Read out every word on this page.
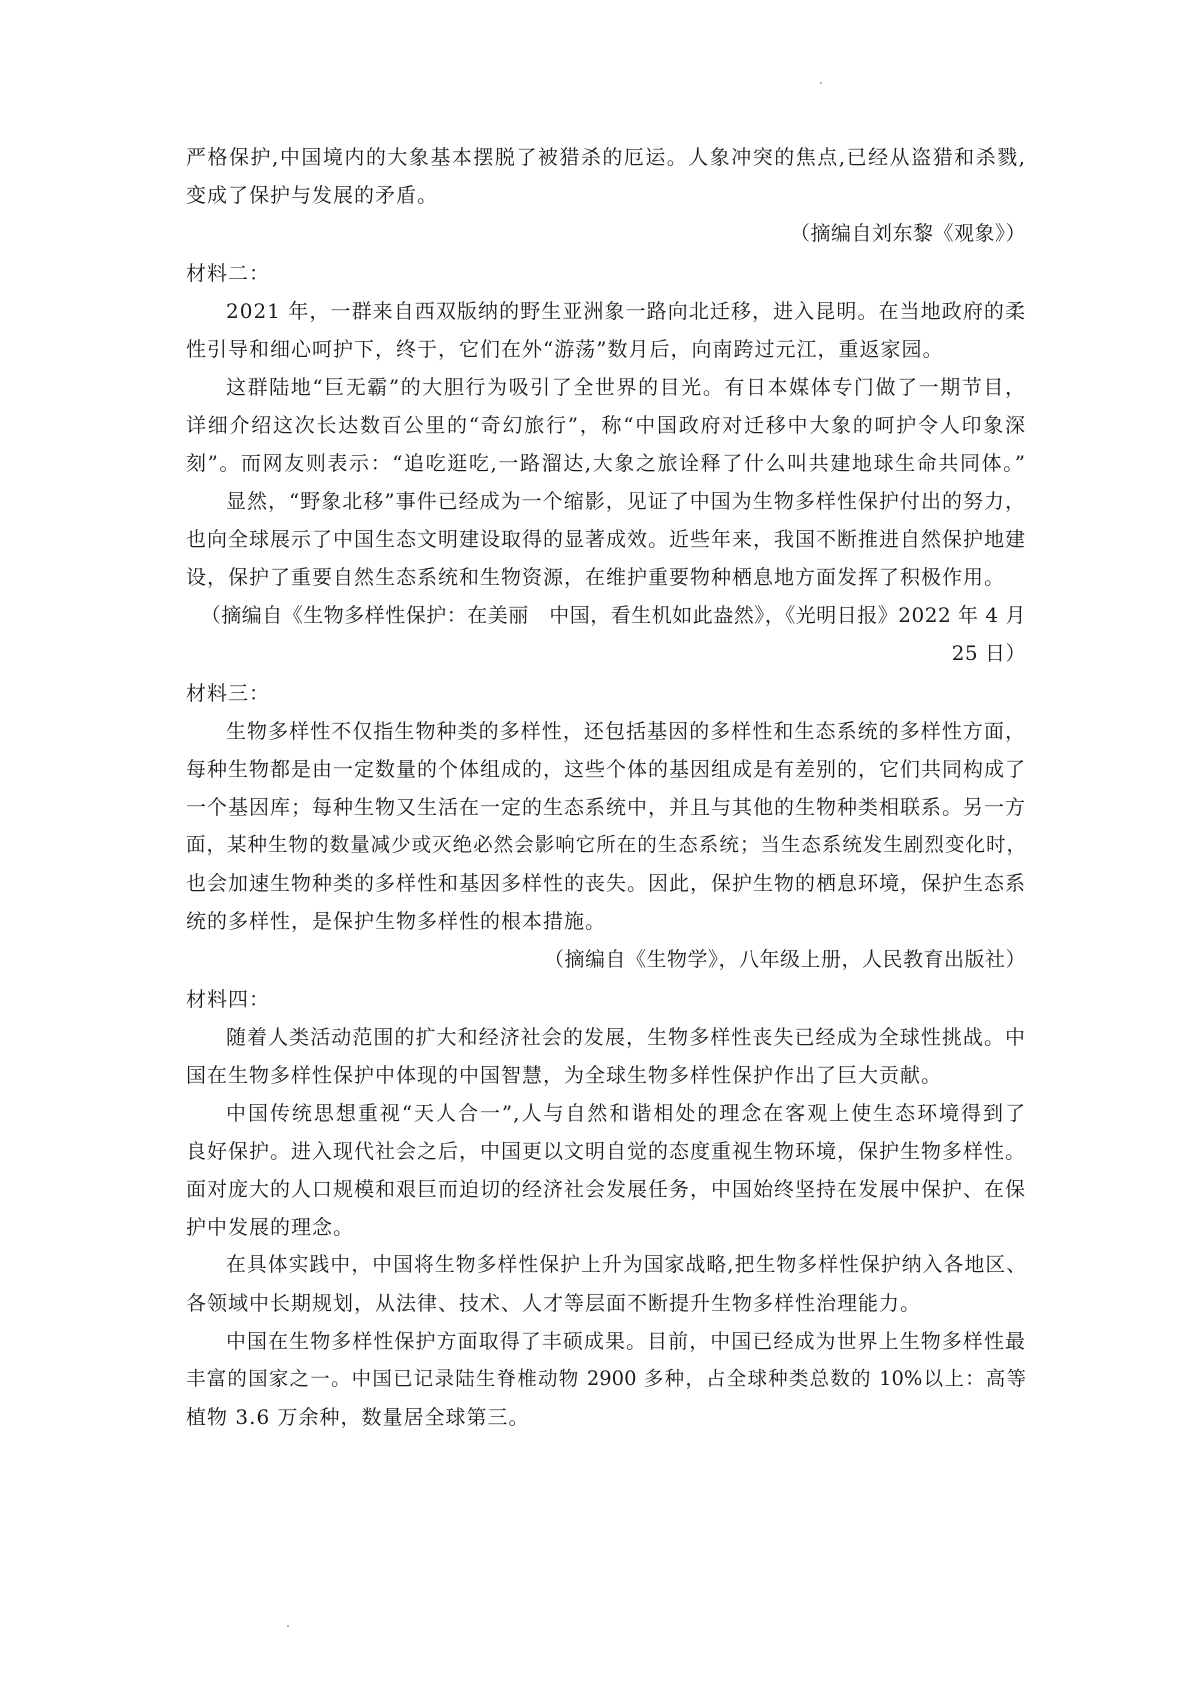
严格保护,中国境内的大象基本摆脱了被猎杀的厄运。人象冲突的焦点,已经从盗猎和杀戮,
变成了保护与发展的矛盾。
（摘编自刘东黎《观象》）
材料二：
2021 年，一群来自西双版纳的野生亚洲象一路向北迁移，进入昆明。在当地政府的柔
性引导和细心呵护下，终于，它们在外“游荡”数月后，向南跨过元江，重返家园。
这群陆地“巨无霸”的大胆行为吸引了全世界的目光。有日本媒体专门做了一期节目，
详细介绍这次长达数百公里的“奇幻旅行”，称“中国政府对迁移中大象的呵护令人印象深
刻”。而网友则表示：“追吃逛吃,一路溜达,大象之旅诠释了什么叫共建地球生命共同体。”
显然，“野象北移”事件已经成为一个缩影，见证了中国为生物多样性保护付出的努力，
也向全球展示了中国生态文明建设取得的显著成效。近些年来，我国不断推进自然保护地建
设，保护了重要自然生态系统和生物资源，在维护重要物种栖息地方面发挥了积极作用。
（摘编自《生物多样性保护：在美丽　中国，看生机如此盎然》，《光明日报》2022 年 4 月
25 日）
材料三：
生物多样性不仅指生物种类的多样性，还包括基因的多样性和生态系统的多样性方面，
每种生物都是由一定数量的个体组成的，这些个体的基因组成是有差别的，它们共同构成了
一个基因库；每种生物又生活在一定的生态系统中，并且与其他的生物种类相联系。另一方
面，某种生物的数量减少或灭绝必然会影响它所在的生态系统；当生态系统发生剧烈变化时，
也会加速生物种类的多样性和基因多样性的丧失。因此，保护生物的栖息环境，保护生态系
统的多样性，是保护生物多样性的根本措施。
（摘编自《生物学》，八年级上册，人民教育出版社）
材料四：
随着人类活动范围的扩大和经济社会的发展，生物多样性丧失已经成为全球性挑战。中
国在生物多样性保护中体现的中国智慧，为全球生物多样性保护作出了巨大贡献。
中国传统思想重视“天人合一”,人与自然和谐相处的理念在客观上使生态环境得到了
良好保护。进入现代社会之后，中国更以文明自觉的态度重视生物环境，保护生物多样性。
面对庞大的人口规模和艰巨而迫切的经济社会发展任务，中国始终坚持在发展中保护、在保
护中发展的理念。
在具体实践中，中国将生物多样性保护上升为国家战略,把生物多样性保护纳入各地区、
各领域中长期规划，从法律、技术、人才等层面不断提升生物多样性治理能力。
中国在生物多样性保护方面取得了丰硕成果。目前，中国已经成为世界上生物多样性最
丰富的国家之一。中国已记录陆生脊椎动物 2900 多种，占全球种类总数的 10%以上：高等
植物 3.6 万余种，数量居全球第三。
